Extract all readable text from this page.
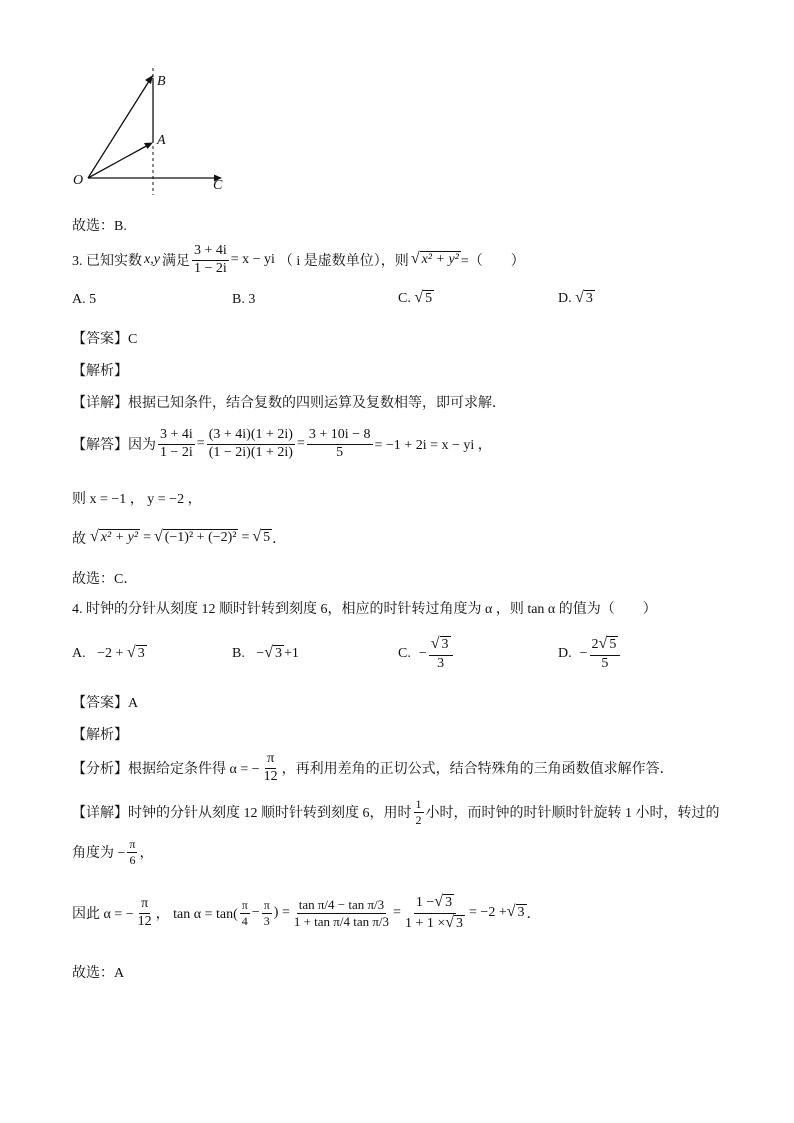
O
A
B
C
故选：B.
3. 已知实数 x,y 满足 $\frac{3 + 4i}{1 - 2i} = x$ − yi （ i 是虚数单位），则 √ x² + y² =（　　）
A. 5	B. 3	C. √ 5	D. √ 3
【答案】C
【解析】
【详解】根据已知条件，结合复数的四则运算及复数相等，即可求解．
【解答】 因为 $\frac{3 + 4i}{1 - 2i} = \frac{(3 + 4i)(1 + 2i)}{(1 - 2i)(1 + 2i)} = \frac{3 + 10i - 8}{5} = -1 + 2i = x$ − yi ，
则 x = −1 ， y = −2 ，
故 √ x² + y² = √ (−1)² + (−2)² = √ 5 ．
故选：C．
4. 时钟的分针从刻度 12 顺时针转到刻度 6，相应的时针转过角度为 α ，则 tan α 的值为（　　）
A. −2 + √ 3	B. − √ 3 +1	C. − $\frac{√ 3}{3}$	D. − $\frac{2 √ 5}{5}$
【答案】A
【解析】
【分析】 根据给定条件得 α = − $\frac{\pi}{12}$ ，再利用差角的正切公式，结合特殊角的三角函数值求解作答．
【详解】 时钟的分针从刻度 12 顺时针转到刻度 6，用时 $\frac{1}{2}$ 小时，而时钟的时针顺时针旋转 1 小时，转过的
角度为 − $\frac{\pi}{6}$ ，
因此 α = − $\frac{\pi}{12}$ ， $\tan \alpha = \tan( \frac{\pi}{4} - \frac{\pi}{3}$ ) = $\frac{\text{tan π/4 − tan π/3}}{\text{1 + tan π/4 tan π/3}} = \frac{1 - √ 3}{1 + 1 \times √ 3} = -2$ + √ 3 ．
故选：A
